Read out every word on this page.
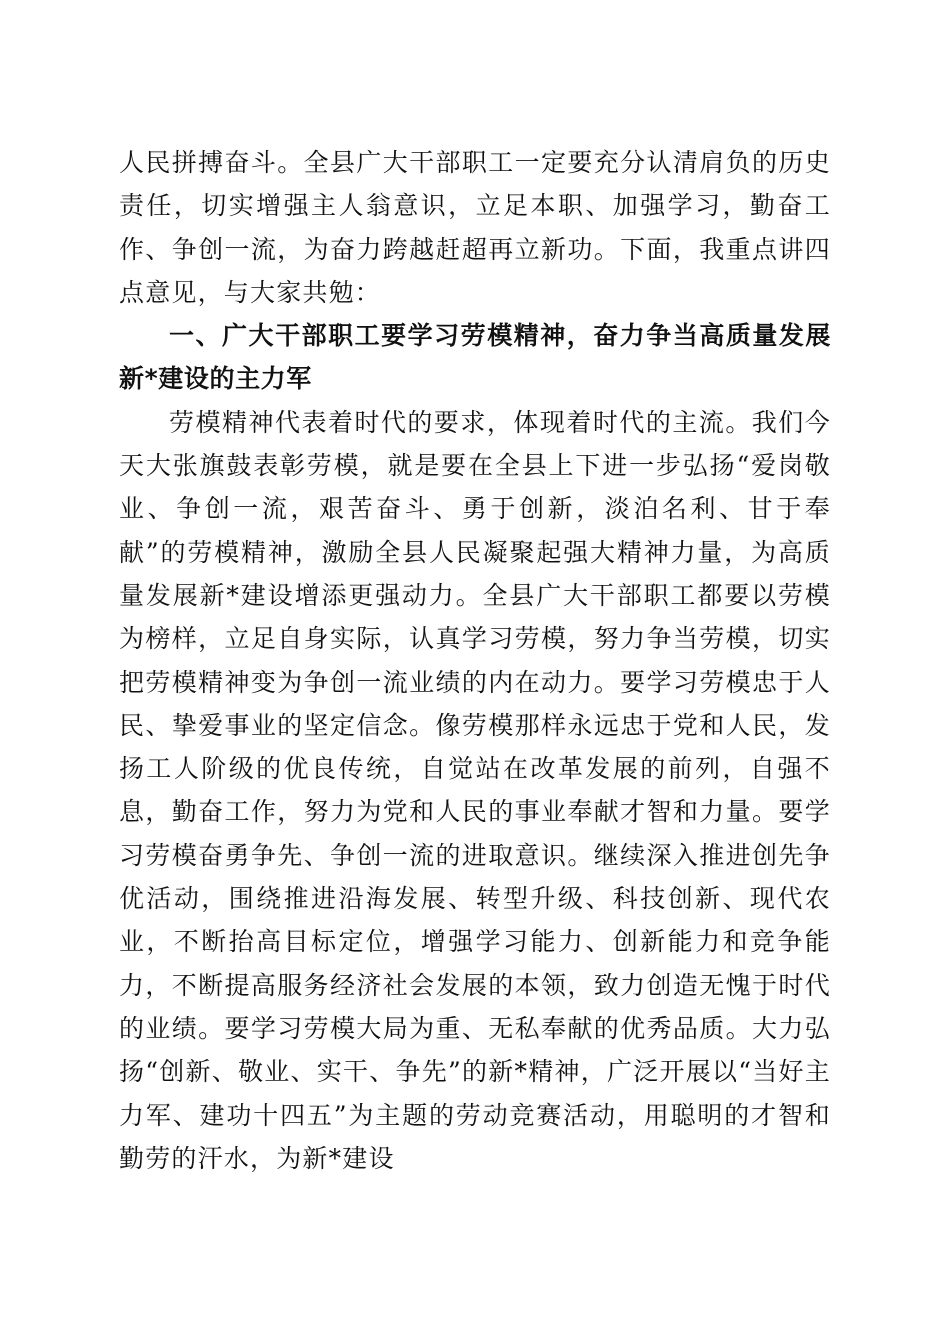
人民拼搏奋斗。全县广大干部职工一定要充分认清肩负的历史责任，切实增强主人翁意识，立足本职、加强学习，勤奋工作、争创一流，为奋力跨越赶超再立新功。下面，我重点讲四点意见，与大家共勉：

一、广大干部职工要学习劳模精神，奋力争当高质量发展新*建设的主力军

劳模精神代表着时代的要求，体现着时代的主流。我们今天大张旗鼓表彰劳模，就是要在全县上下进一步弘扬“爱岗敬业、争创一流，艰苦奋斗、勇于创新，淡泊名利、甘于奉献”的劳模精神，激励全县人民凝聚起强大精神力量，为高质量发展新*建设增添更强动力。全县广大干部职工都要以劳模为榜样，立足自身实际，认真学习劳模，努力争当劳模，切实把劳模精神变为争创一流业绩的内在动力。要学习劳模忠于人民、挚爱事业的坚定信念。像劳模那样永远忠于党和人民，发扬工人阶级的优良传统，自觉站在改革发展的前列，自强不息，勤奋工作，努力为党和人民的事业奉献才智和力量。要学习劳模奋勇争先、争创一流的进取意识。继续深入推进创先争优活动，围绕推进沿海发展、转型升级、科技创新、现代农业，不断抬高目标定位，增强学习能力、创新能力和竞争能力，不断提高服务经济社会发展的本领，致力创造无愧于时代的业绩。要学习劳模大局为重、无私奉献的优秀品质。大力弘扬“创新、敬业、实干、争先”的新*精神，广泛开展以“当好主力军、建功十四五”为主题的劳动竞赛活动，用聪明的才智和勤劳的汗水，为新*建设
